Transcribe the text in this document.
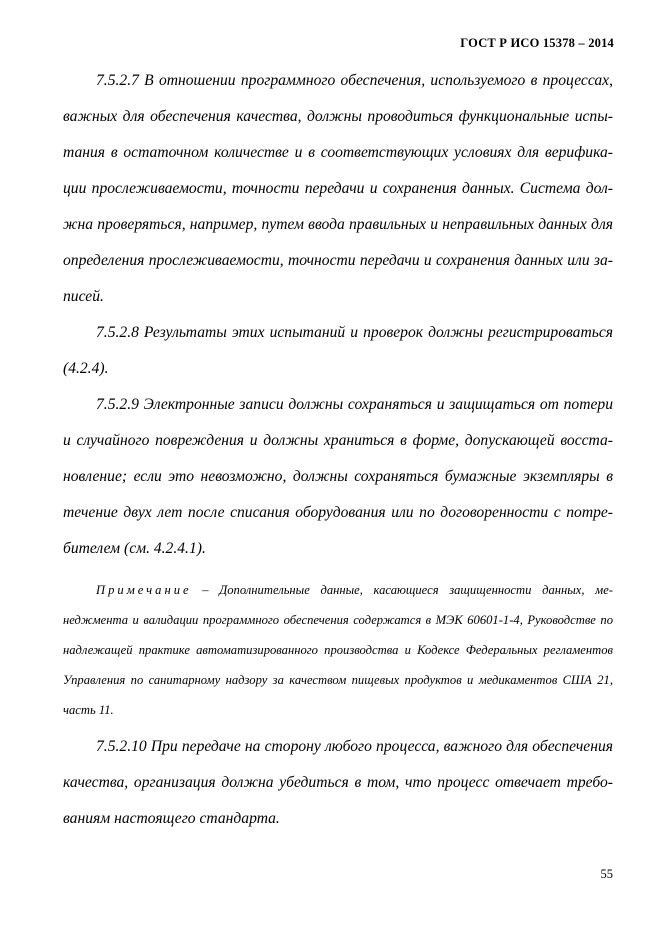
ГОСТ Р ИСО 15378 – 2014

7.5.2.7 В отношении программного обеспечения, используемого в процессах, важных для обеспечения качества, должны проводиться функциональные испытания в остаточном количестве и в соответствующих условиях для верификации прослеживаемости, точности передачи и сохранения данных. Система должна проверяться, например, путем ввода правильных и неправильных данных для определения прослеживаемости, точности передачи и сохранения данных или записей.

7.5.2.8 Результаты этих испытаний и проверок должны регистрироваться (4.2.4).

7.5.2.9 Электронные записи должны сохраняться и защищаться от потери и случайного повреждения и должны храниться в форме, допускающей восстановление; если это невозможно, должны сохраняться бумажные экземпляры в течение двух лет после списания оборудования или по договоренности с потребителем (см. 4.2.4.1).

Примечание – Дополнительные данные, касающиеся защищенности данных, менеджмента и валидации программного обеспечения содержатся в МЭК 60601-1-4, Руководстве по надлежащей практике автоматизированного производства и Кодексе Федеральных регламентов Управления по санитарному надзору за качеством пищевых продуктов и медикаментов США 21, часть 11.

7.5.2.10 При передаче на сторону любого процесса, важного для обеспечения качества, организация должна убедиться в том, что процесс отвечает требованиям настоящего стандарта.

55
